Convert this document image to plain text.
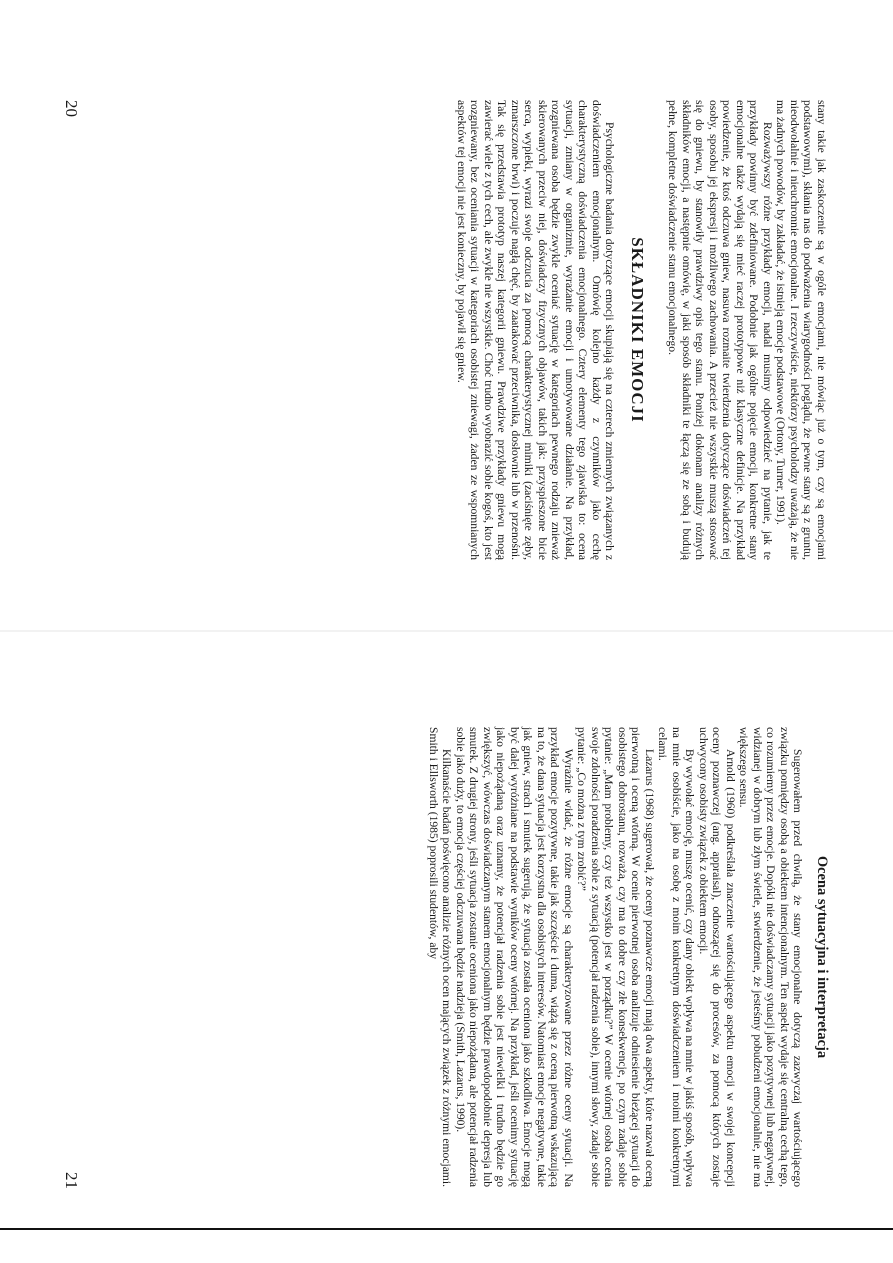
stany takie jak zaskoczenie są w ogóle emocjami, nie mówiąc już o tym, czy są emocjami podstawowymi), skłania nas do podważenia wiarygodności poglądu, że pewne stany są z gruntu, nieodwołalnie i nieuchronnie emocjonalne. I rzeczywiście, niektórzy psycholodzy uważają, że nie ma żadnych powodów, by zakładać, że istnieją emocje podstawowe (Ortony, Turner, 1991).

Rozważywszy różne przykłady emocji, nadal musimy odpowiedzieć na pytanie, jak te przykłady powinny być zdefiniowane. Podobnie jak ogólne pojęcie emocji, konkretne stany emocjonalne także wydają się mieć raczej prototypowe niż klasyczne definicje. Na przykład powiedzenie, że ktoś odczuwa gniew, nasuwa rozmaite twierdzenia dotyczące doświadczeń tej osoby, sposobu jej ekspresji i możliwego zachowania. A przecież nie wszystkie muszą stosować się do gniewu, by stanowiły prawdziwy opis tego stanu. Poniżej dokonam analizy różnych składników emocji, a następnie omówię, w jaki sposób składniki te łączą się ze sobą i budują pełne, kompletne doświadczenie stanu emocjonalnego.

SKŁADNIKI EMOCJI

Psychologiczne badania dotyczące emocji skupiają się na czterech zmiennych związanych z doświadczeniem emocjonalnym. Omówię kolejno każdy z czynników jako cechę charakterystyczną doświadczenia emocjonalnego. Cztery elementy tego zjawiska to: ocena sytuacji, zmiany w organizmie, wyrażanie emocji i umotywowane działanie. Na przykład, rozgniewana osoba będzie zwykle oceniać sytuację w kategoriach pewnego rodzaju znieważ skierowanych przeciw niej, doświadczy fizycznych objawów, takich jak: przyspieszone bicie serca, wypieki, wyrazi swoje odczucia za pomocą charakterystycznej mimiki (zaciśnięte zęby, zmarszczone brwi) i poczuje nagłą chęć, by zaatakować przeciwnika, dosłownie lub w przenośni. Tak się przedstawia prototyp naszej kategorii gniewu. Prawdziwe przykłady gniewu mogą zawierać wiele z tych cech, ale zwykle nie wszystkie. Choć trudno wyobrazić sobie kogoś, kto jest rozgniewany, bez oceniania sytuacji w kategoriach osobistej zniewagi, żaden ze wspomnianych aspektów tej emocji nie jest konieczny, by pojawił się gniew.

20

Ocena sytuacyjna i interpretacja

Sugerowałem przed chwilą, że stany emocjonalne dotyczą zazwyczaj wartościującego związku pomiędzy osobą a obiektem intencjonalnym. Ten aspekt wydaje się centralną cechą tego, co rozumiemy przez emocje. Dopóki nie doświadczamy sytuacji jako pozytywnej lub negatywnej, widzianej w dobrym lub złym świetle, stwierdzenie, że jesteśmy pobudzeni emocjonalnie, nie ma większego sensu.

Arnold (1960) podkreślała znaczenie wartościującego aspektu emocji w swojej koncepcji oceny poznawczej (ang. appraisal), odnoszącej się do procesów, za pomocą których zostaje uchwycony osobisty związek z obiektem emocji.

By wywołać emocję, muszę ocenić, czy dany obiekt wpływa na mnie w jakiś sposób, wpływa na mnie osobiście, jako na osobę z moim konkretnym doświadczeniem i moimi konkretnymi celami.

Lazarus (1968) sugerował, że oceny poznawcze emocji mają dwa aspekty, które nazwał oceną pierwotną i oceną wtórną. W ocenie pierwotnej osoba analizuje odniesienie bieżącej sytuacji do osobistego dobrostanu, rozważa, czy ma to dobre czy złe konsekwencje, po czym zadaje sobie pytanie: „Mam problemy, czy też wszystko jest w porządku?” W ocenie wtórnej osoba ocenia swoje zdolności poradzenia sobie z sytuacją (potencjał radzenia sobie), innymi słowy, zadaje sobie pytanie: „Co można z tym zrobić?”

Wyraźnie widać, że różne emocje są charakteryzowane przez różne oceny sytuacji. Na przykład emocje pozytywne, takie jak szczęście i duma, wiążą się z oceną pierwotną wskazującą na to, że dana sytuacja jest korzystna dla osobistych interesów. Natomiast emocje negatywne, takie jak gniew, strach i smutek sugerują, że sytuacja została oceniona jako szkodliwa. Emocje mogą być dalej wyróżniane na podstawie wyników oceny wtórnej. Na przykład, jeśli ocenimy sytuację jako niepożądaną oraz uznamy, że potencjał radzenia sobie jest niewielki i trudno będzie go zwiększyć, wówczas doświadczanym stanem emocjonalnym będzie prawdopodobnie depresja lub smutek. Z drugiej strony, jeśli sytuacja zostanie oceniona jako niepożądana, ale potencjał radzenia sobie jako duży, to emocja częściej odczuwana będzie nadzieja (Smith, Lazarus, 1990).

Kilkanaście badań poświęcono analizie różnych ocen mających związek z różnymi emocjami. Smith i Ellsworth (1985) poprosili studentów, aby

21
